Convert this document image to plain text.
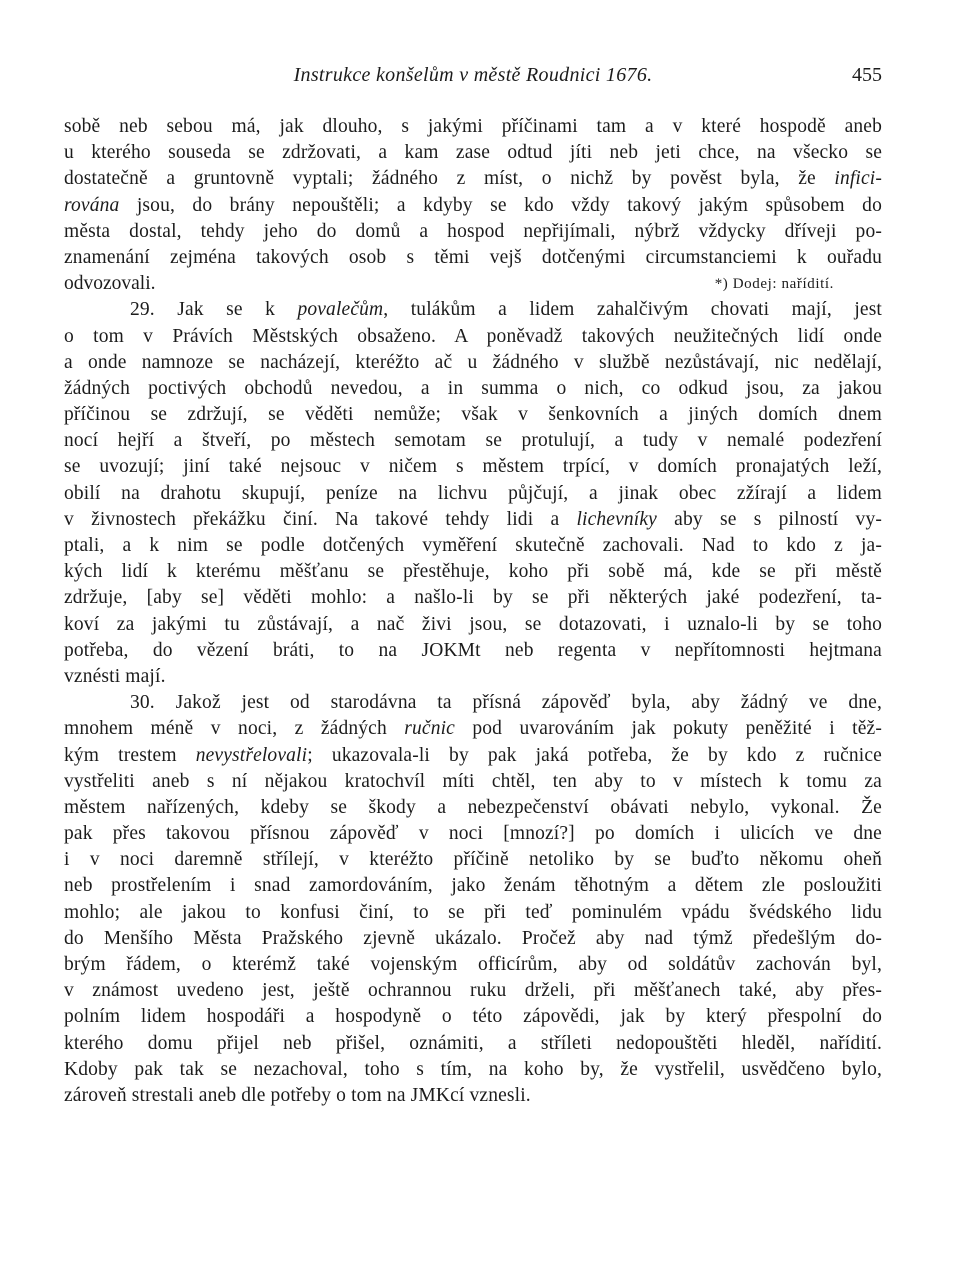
Instrukce konšelům v městě Roudnici 1676.	455
sobě neb sebou má, jak dlouho, s jakými příčinami tam a v které hospodě aneb
u kterého souseda se zdržovati, a kam zase odtud jíti neb jeti chce, na všecko se
dostatečně a gruntovně vyptali; žádného z míst, o nichž by pověst byla, že infici-
rována jsou, do brány nepouštěli; a kdyby se kdo vždy takový jakým spůsobem do
města dostal, tehdy jeho do domů a hospod nepřijímali, nýbrž vždycky dříveji po-
znamenání zejména takových osob s těmi vejš dotčenými circumstanciemi k ouřadu
odvozovali.	*) Dodej: nařídití.
29. Jak se k povalečům, tulákům a lidem zahalčivým chovati mají, jest
o tom v Právích Městských obsaženo. A poněvadž takových neužitečných lidí onde
a onde namnoze se nacházejí, kteréžto ač u žádného v službě nezůstávají, nic nedělají,
žádných poctivých obchodů nevedou, a in summa o nich, co odkud jsou, za jakou
příčinou se zdržují, se věděti nemůže; však v šenkovních a jiných domích dnem
nocí hejří a štveří, po městech semotam se protulují, a tudy v nemalé podezření
se uvozují; jiní také nejsouc v ničem s městem trpící, v domích pronajatých leží,
obilí na drahotu skupují, peníze na lichvu půjčují, a jinak obec zžírají a lidem
v živnostech překážku činí. Na takové tehdy lidi a lichevníky aby se s pilností vy-
ptali, a k nim se podle dotčených vyměření skutečně zachovali. Nad to kdo z ja-
kých lidí k kterému měšťanu se přestěhuje, koho při sobě má, kde se při městě
zdržuje, [aby se] věděti mohlo: a našlo-li by se při některých jaké podezření, ta-
koví za jakými tu zůstávají, a nač živi jsou, se dotazovati, i uznalo-li by se toho
potřeba, do vězení bráti, to na JOKMt neb regenta v nepřítomnosti hejtmana
vznésti mají.
30. Jakož jest od starodávna ta přísná zápověď byla, aby žádný ve dne,
mnohem méně v noci, z žádných ručnic pod uvarováním jak pokuty peněžité i těž-
kým trestem nevystřelovali; ukazovala-li by pak jaká potřeba, že by kdo z ručnice
vystřeliti aneb s ní nějakou kratochvíl míti chtěl, ten aby to v místech k tomu za
městem nařízených, kdeby se škody a nebezpečenství obávati nebylo, vykonal. Že
pak přes takovou přísnou zápověď v noci [mnozí?] po domích i ulicích ve dne
i v noci daremně střílejí, v kteréžto příčině netoliko by se buďto někomu oheň
neb prostřelením i snad zamordováním, jako ženám těhotným a dětem zle posloužiti
mohlo; ale jakou to konfusi činí, to se při teď pominulém vpádu švédského lidu
do Menšího Města Pražského zjevně ukázalo. Pročež aby nad týmž předešlým do-
brým řádem, o kterémž také vojenským officírům, aby od soldátův zachován byl,
v známost uvedeno jest, ještě ochrannou ruku drželi, při měšťanech také, aby přes-
polním lidem hospodáři a hospodyně o této zápovědi, jak by který přespolní do
kterého domu přijel neb přišel, oznámiti, a stříleti nedopouštěti hleděl, nařídití.
Kdoby pak tak se nezachoval, toho s tím, na koho by, že vystřelil, usvědčeno bylo,
zároveň strestali aneb dle potřeby o tom na JMKcí vznesli.
